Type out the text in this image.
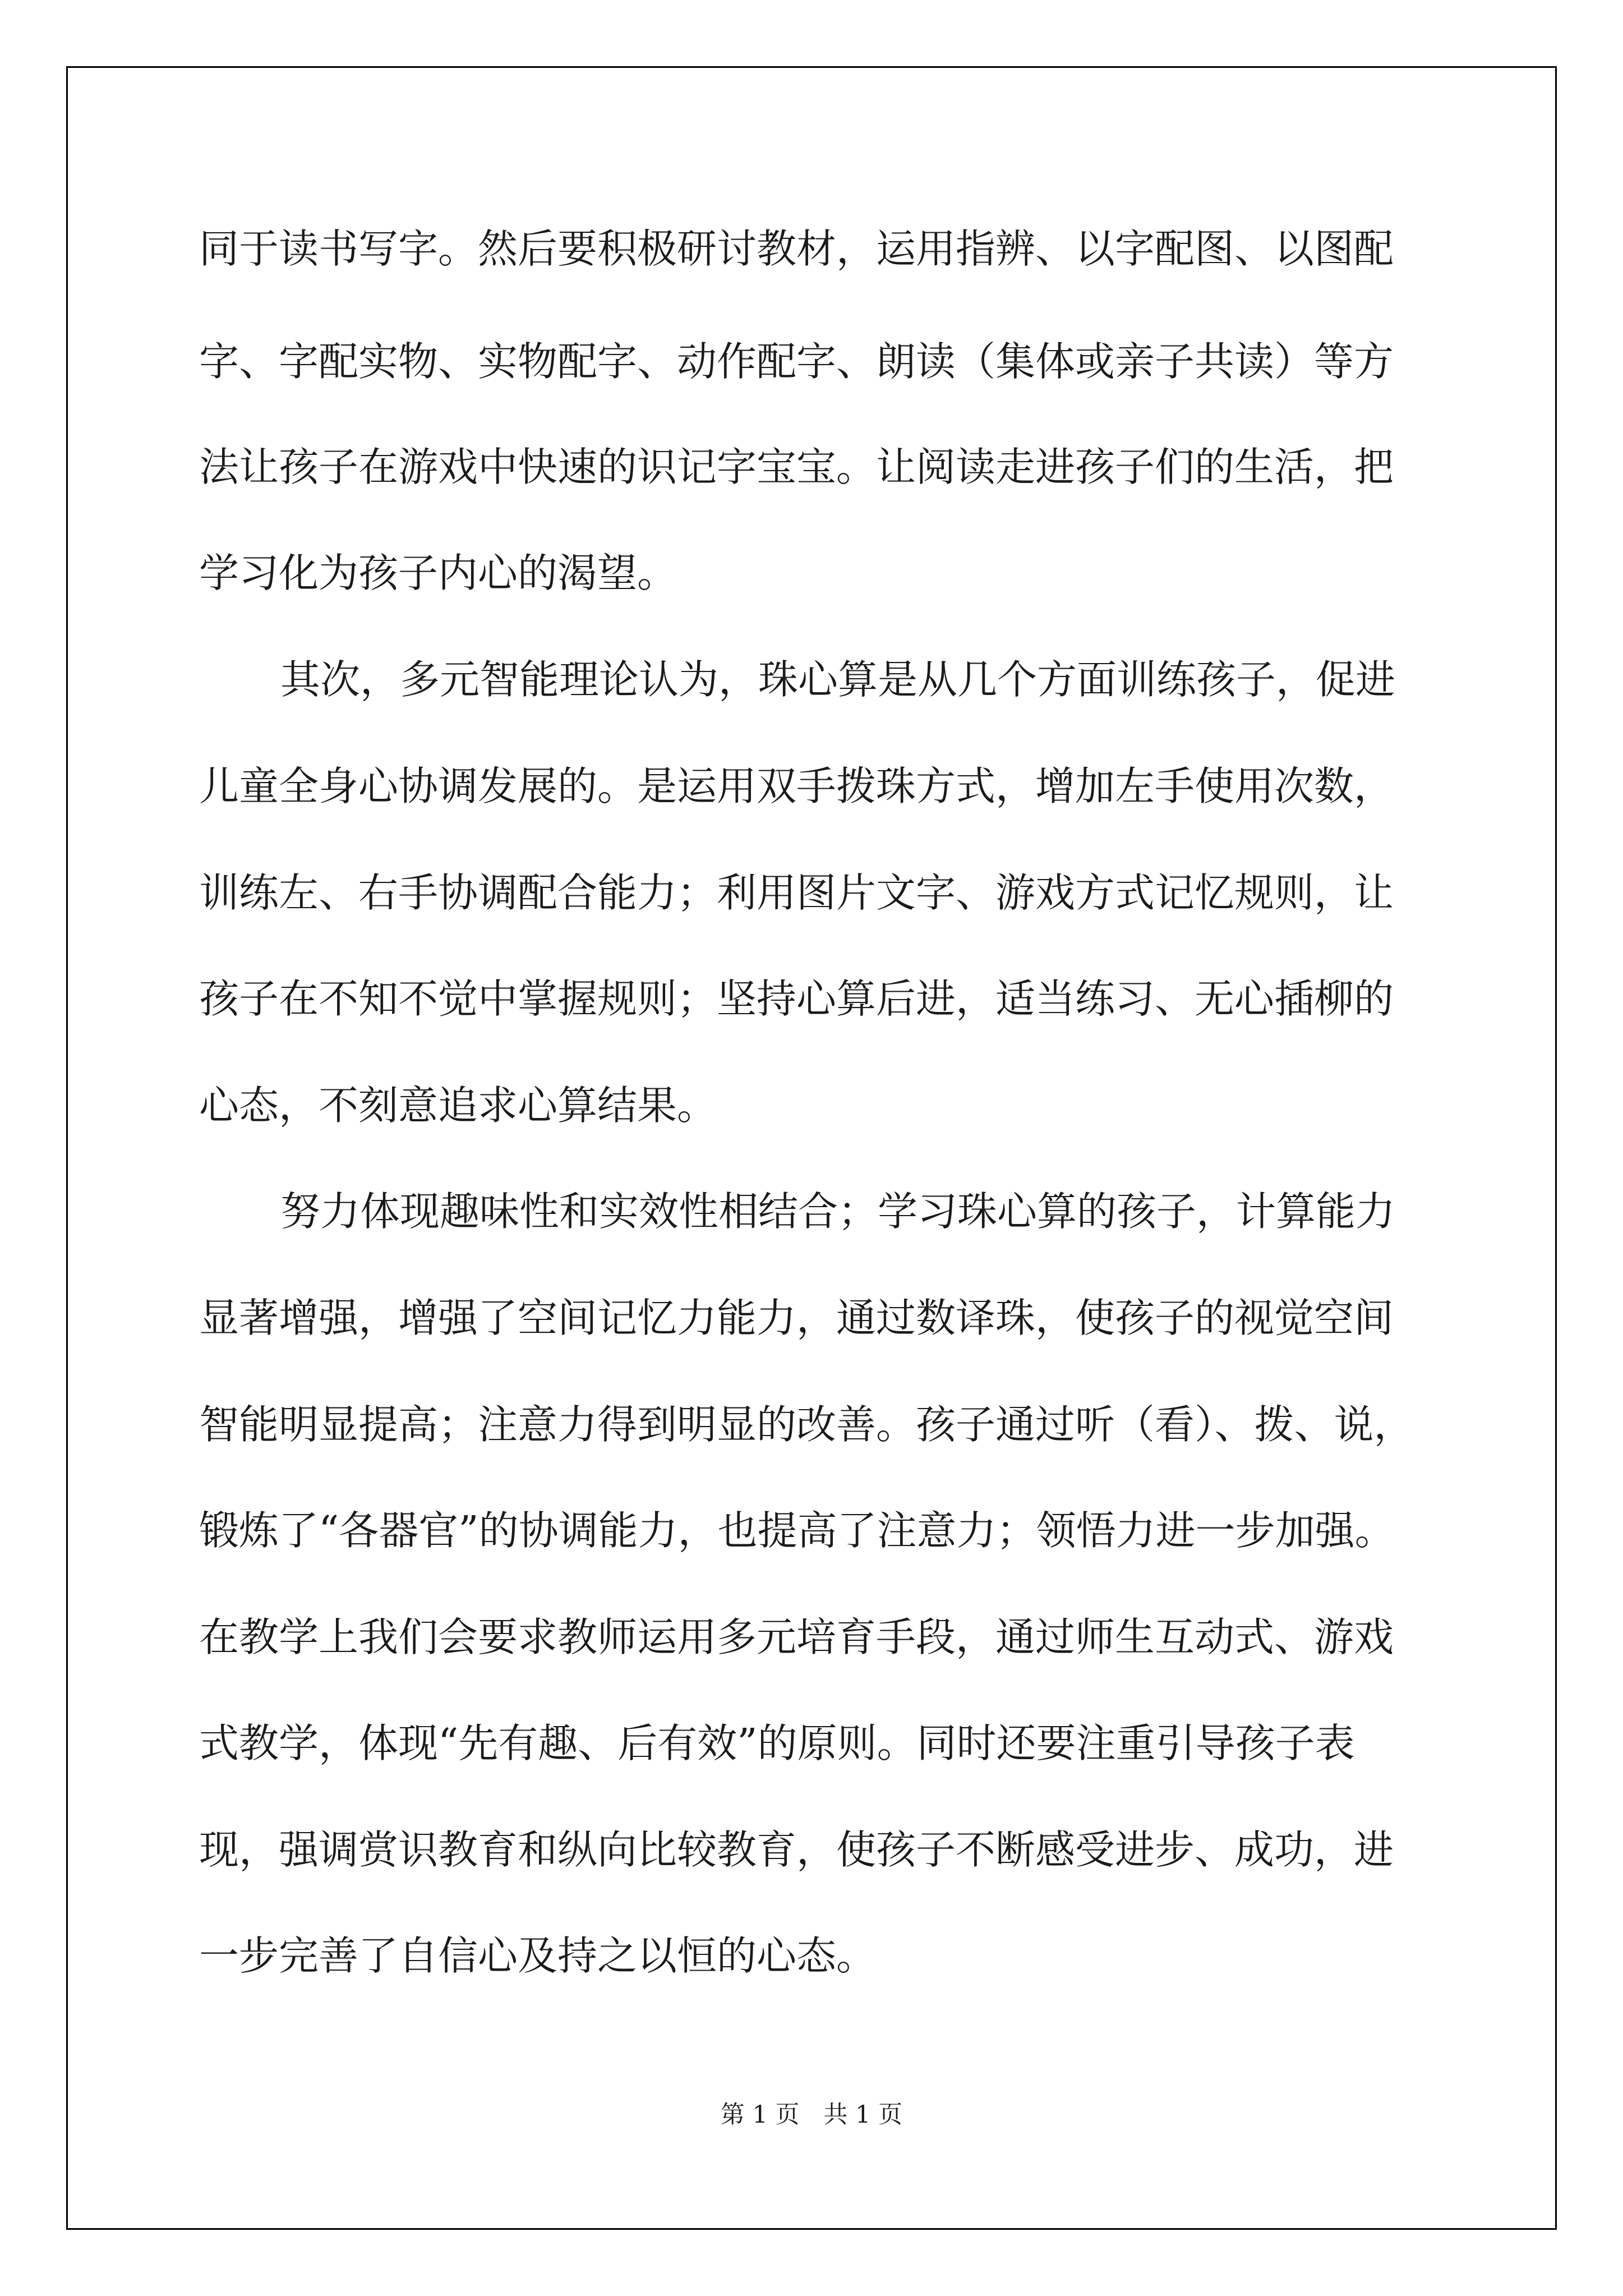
同于读书写字。然后要积极研讨教材，运用指辨、以字配图、以图配
字、字配实物、实物配字、动作配字、朗读（集体或亲子共读）等方
法让孩子在游戏中快速的识记字宝宝。让阅读走进孩子们的生活，把
学习化为孩子内心的渴望。
其次，多元智能理论认为，珠心算是从几个方面训练孩子，促进
儿童全身心协调发展的。是运用双手拨珠方式，增加左手使用次数，
训练左、右手协调配合能力；利用图片文字、游戏方式记忆规则，让
孩子在不知不觉中掌握规则；坚持心算后进，适当练习、无心插柳的
心态，不刻意追求心算结果。
努力体现趣味性和实效性相结合；学习珠心算的孩子，计算能力
显著增强，增强了空间记忆力能力，通过数译珠，使孩子的视觉空间
智能明显提高；注意力得到明显的改善。孩子通过听（看）、拨、说，
锻炼了“各器官”的协调能力，也提高了注意力；领悟力进一步加强。
在教学上我们会要求教师运用多元培育手段，通过师生互动式、游戏
式教学，体现“先有趣、后有效”的原则。同时还要注重引导孩子表
现，强调赏识教育和纵向比较教育，使孩子不断感受进步、成功，进
一步完善了自信心及持之以恒的心态。
第 1 页　共 1 页
